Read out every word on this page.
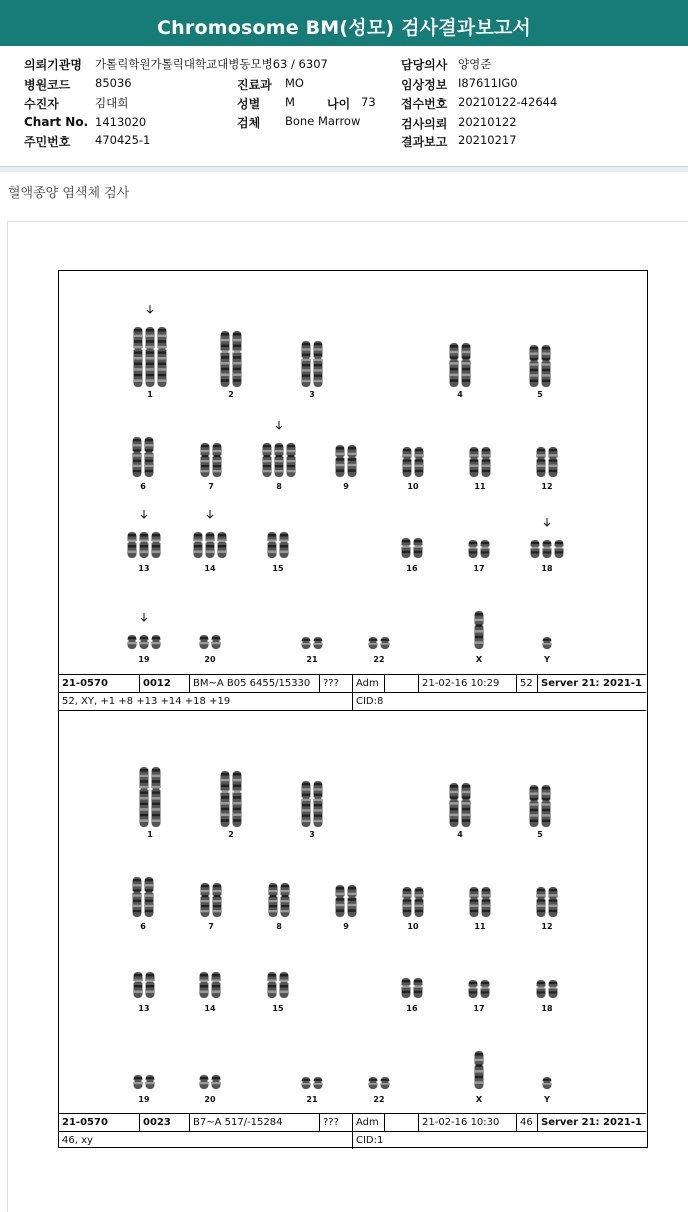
Chromosome BM(성모) 검사결과보고서
의뢰기관명 가톨릭학원가톨릭대학교대병동모병63 / 6307
병원코드 85036
수진자	김대희
Chart No. 1413020
주민번호 470425-1
진료과 MO
성별 M	나이 73
검체 Bone Marrow
담당의사 양영준
임상정보 I87611IG0
접수번호 20210122-42644
검사의뢰 20210122
결과보고 20210217
혈액종양 염색체 검사
1	2	3	4	5
6	7	8	9	10	11	12
13	14	15	16	17	18
19	20	21	22	X	Y
21-0570	0012	BM~A B05 6455/15330	???	Adm	21-02-16 10:29	52 Server 21: 2021-1
52, XY, +1 +8 +13 +14 +18 +19	CID:8
1	2	3	4	5
6	7	8	9	10	11	12
13	14	15	16	17	18
19	20	21	22	X	Y
21-0570	0023	B7~A 517/-15284	???	Adm	21-02-16 10:30	46 Server 21: 2021-1
46, xy	CID:1
